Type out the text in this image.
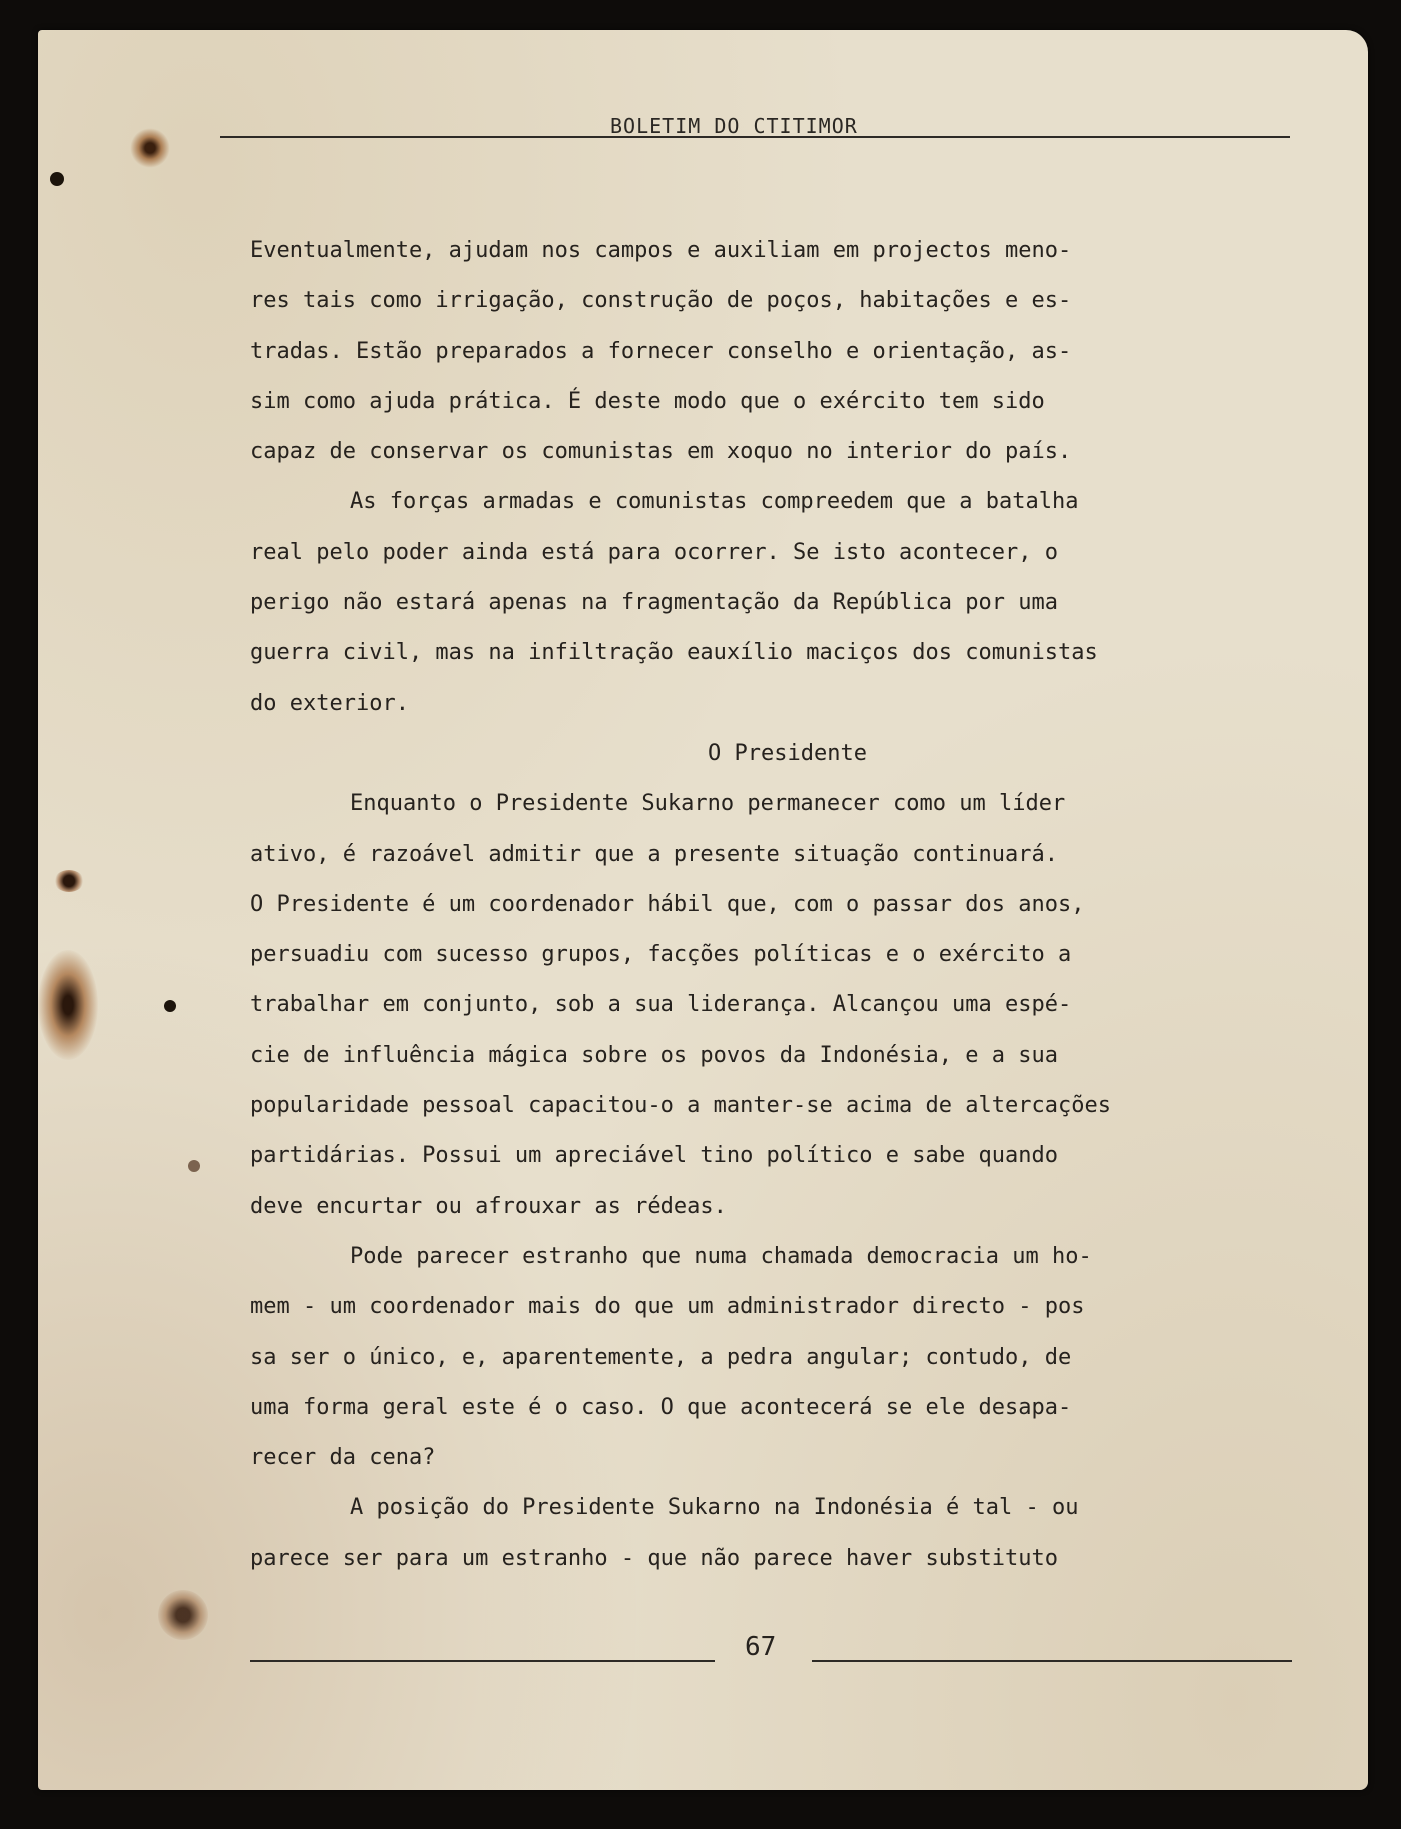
BOLETIM DO CTITIMOR
Eventualmente, ajudam nos campos e auxiliam em projectos meno-
res tais como irrigação, construção de poços, habitações e es-
tradas. Estão preparados a fornecer conselho e orientação, as-
sim como ajuda prática. É deste modo que o exército tem sido
capaz de conservar os comunistas em xoquo no interior do país.
As forças armadas e comunistas compreedem que a batalha
real pelo poder ainda está para ocorrer. Se isto acontecer, o
perigo não estará apenas na fragmentação da República por uma
guerra civil, mas na infiltração eauxílio maciços dos comunistas
do exterior.
O Presidente
Enquanto o Presidente Sukarno permanecer como um líder
ativo, é razoável admitir que a presente situação continuará.
O Presidente é um coordenador hábil que, com o passar dos anos,
persuadiu com sucesso grupos, facções políticas e o exército a
trabalhar em conjunto, sob a sua liderança. Alcançou uma espé-
cie de influência mágica sobre os povos da Indonésia, e a sua
popularidade pessoal capacitou-o a manter-se acima de altercações
partidárias. Possui um apreciável tino político e sabe quando
deve encurtar ou afrouxar as rédeas.
Pode parecer estranho que numa chamada democracia um ho-
mem - um coordenador mais do que um administrador directo - pos
sa ser o único, e, aparentemente, a pedra angular; contudo, de
uma forma geral este é o caso. O que acontecerá se ele desapa-
recer da cena?
A posição do Presidente Sukarno na Indonésia é tal - ou
parece ser para um estranho - que não parece haver substituto
67
